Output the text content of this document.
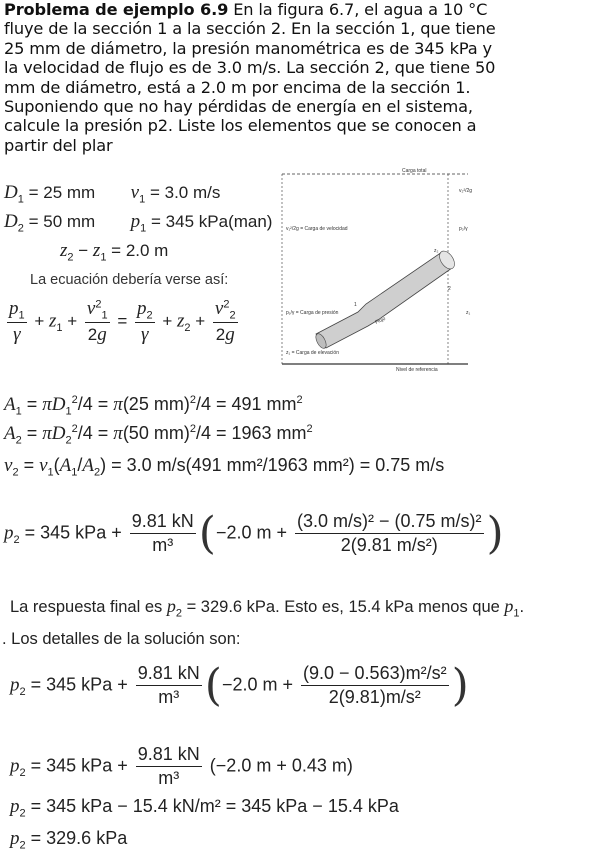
Problema de ejemplo 6.9 En la figura 6.7, el agua a 10 °C fluye de la sección 1 a la sección 2. En la sección 1, que tiene 25 mm de diámetro, la presión manométrica es de 345 kPa y la velocidad de flujo es de 3.0 m/s. La sección 2, que tiene 50 mm de diámetro, está a 2.0 m por encima de la sección 1. Suponiendo que no hay pérdidas de energía en el sistema, calcule la presión p2. Liste los elementos que se conocen a partir del plar
$D_1 = 25$ mm $v_1 = 3.0$ m/s
$D_2 = 50$ mm $p_1 = 345$ kPa(man)
$z_2 - z_1 = 2.0$ m
La ecuación debería verse así:
$\frac{p_1}{\gamma} + z_1 + \frac{v^2_1}{2g} = \frac{p_2}{\gamma} + z_2 + \frac{v^2_2}{2g}$
Carga total
v₂²/2g
p₂/γ
v₁²/2g = Carga de velocidad
p₁/γ = Carga de presión
z₁ = Carga de elevación
Nivel de referencia
z₂
z₁
2
1
Flujo
$A_1 = \pi D_1^2/4 = \pi(25$ mm)$^2$/4 = 491 $mm^2$
$A_2 = \pi D_2^2/4 = \pi(50$ mm)$^2$/4 = 1963 $mm^2$
$v_2 = v_1(A_1/A_2) = 3.0$ m/s(491 mm²/1963 mm²) = 0.75 m/s
$p_2 = 345$ kPa + $\frac{9.81 kN}{\text{m³}} (-2.0$ $m + \frac{\text{(3.0 m/s)² − (0.75 m/s)²}}{\text{2(9.81 m/s²)}}$ )
La respuesta final es $p_2 = 329.6$ kPa. Esto es, 15.4 kPa menos que $p_1$.
. Los detalles de la solución son:
$p_2 = 345$ kPa + $\frac{9.81 kN}{\text{m³}} (-2.0$ $m + \frac{\text{(9.0 − 0.563)m²/s²}}{\text{2(9.81)m/s²}}$ )
$p_2 = 345$ kPa + $\frac{9.81 kN}{\text{m³}} (-2.0$ m + 0.43 m)
$p_2 = 345$ kPa − 15.4 kN/m² = 345 kPa − 15.4 kPa
$p_2 = 329.6$ kPa
